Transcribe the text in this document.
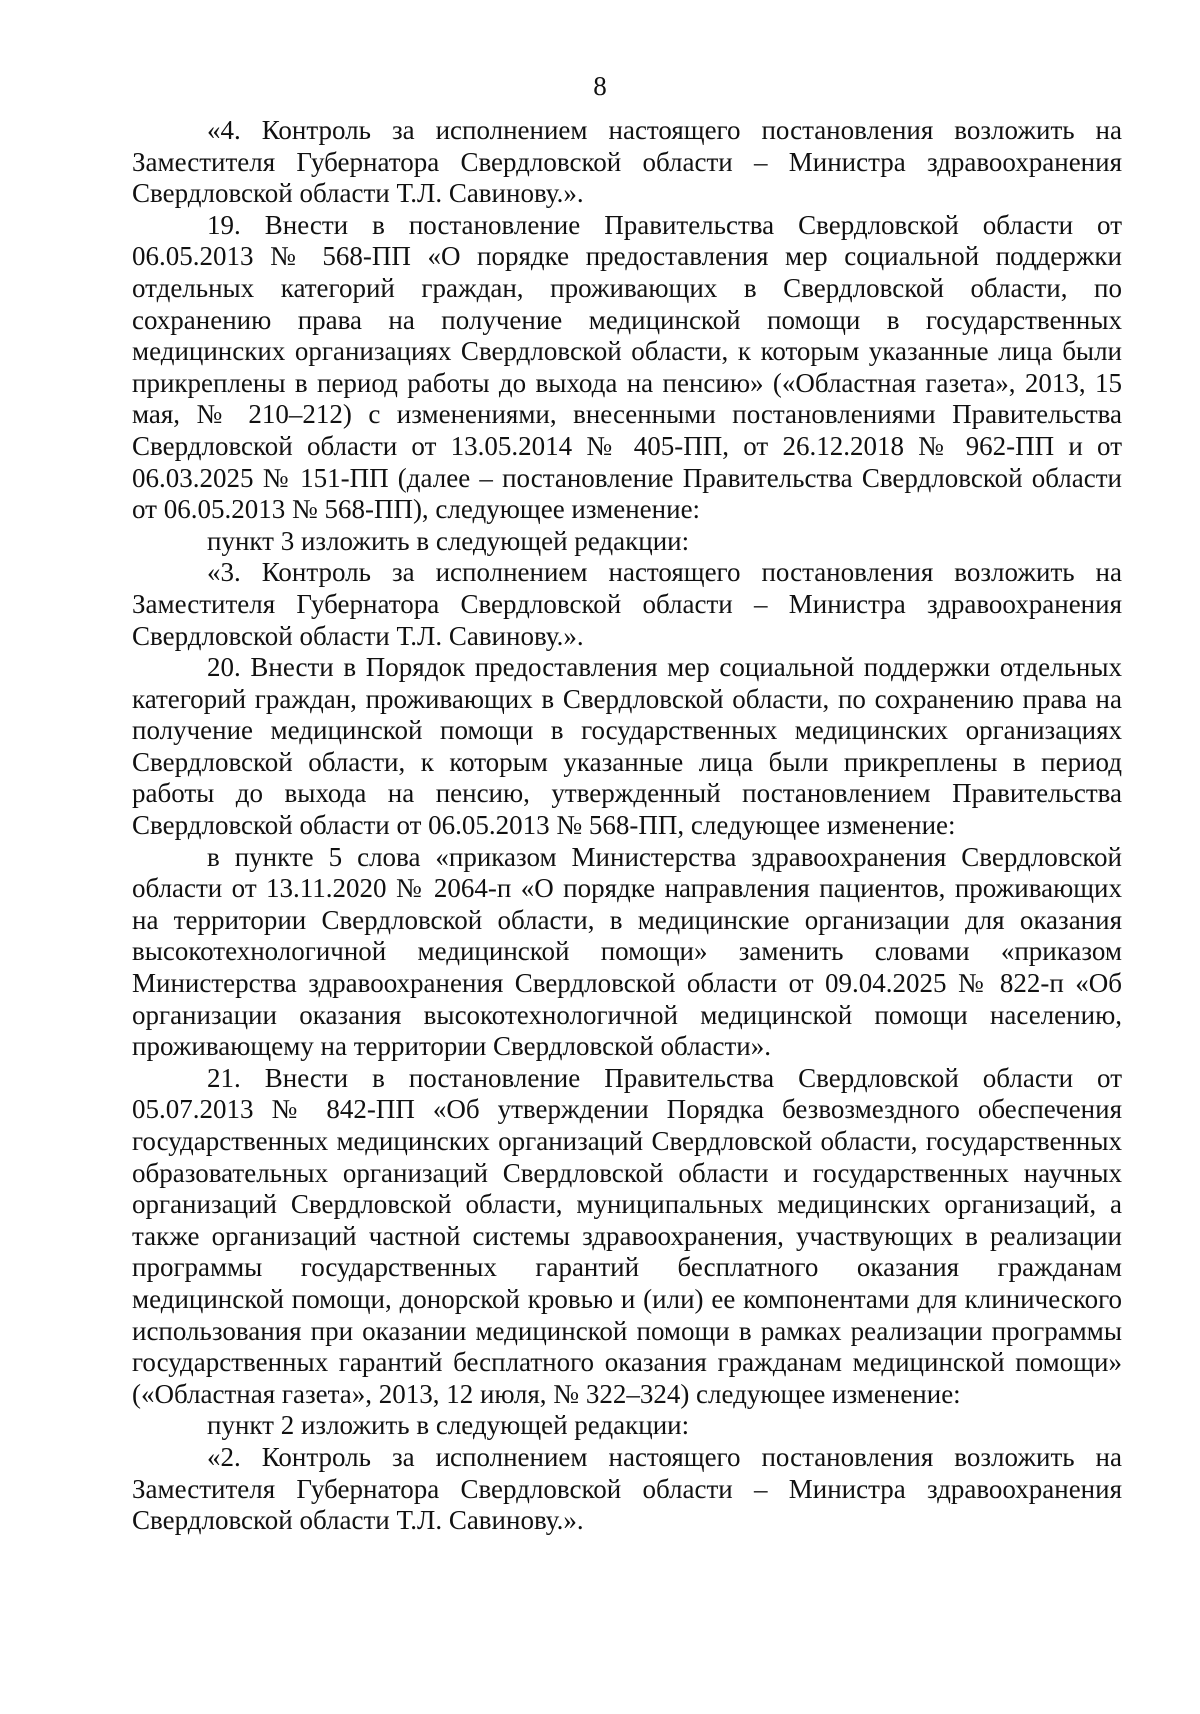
8

«4. Контроль за исполнением настоящего постановления возложить на Заместителя Губернатора Свердловской области – Министра здравоохранения Свердловской области Т.Л. Савинову.».

19. Внести в постановление Правительства Свердловской области от 06.05.2013 № 568-ПП «О порядке предоставления мер социальной поддержки отдельных категорий граждан, проживающих в Свердловской области, по сохранению права на получение медицинской помощи в государственных медицинских организациях Свердловской области, к которым указанные лица были прикреплены в период работы до выхода на пенсию» («Областная газета», 2013, 15 мая, № 210–212) с изменениями, внесенными постановлениями Правительства Свердловской области от 13.05.2014 № 405-ПП, от 26.12.2018 № 962-ПП и от 06.03.2025 № 151-ПП (далее – постановление Правительства Свердловской области от 06.05.2013 № 568-ПП), следующее изменение:

пункт 3 изложить в следующей редакции:

«3. Контроль за исполнением настоящего постановления возложить на Заместителя Губернатора Свердловской области – Министра здравоохранения Свердловской области Т.Л. Савинову.».

20. Внести в Порядок предоставления мер социальной поддержки отдельных категорий граждан, проживающих в Свердловской области, по сохранению права на получение медицинской помощи в государственных медицинских организациях Свердловской области, к которым указанные лица были прикреплены в период работы до выхода на пенсию, утвержденный постановлением Правительства Свердловской области от 06.05.2013 № 568-ПП, следующее изменение:

в пункте 5 слова «приказом Министерства здравоохранения Свердловской области от 13.11.2020 № 2064-п «О порядке направления пациентов, проживающих на территории Свердловской области, в медицинские организации для оказания высокотехнологичной медицинской помощи» заменить словами «приказом Министерства здравоохранения Свердловской области от 09.04.2025 № 822-п «Об организации оказания высокотехнологичной медицинской помощи населению, проживающему на территории Свердловской области».

21. Внести в постановление Правительства Свердловской области от 05.07.2013 № 842-ПП «Об утверждении Порядка безвозмездного обеспечения государственных медицинских организаций Свердловской области, государственных образовательных организаций Свердловской области и государственных научных организаций Свердловской области, муниципальных медицинских организаций, а также организаций частной системы здравоохранения, участвующих в реализации программы государственных гарантий бесплатного оказания гражданам медицинской помощи, донорской кровью и (или) ее компонентами для клинического использования при оказании медицинской помощи в рамках реализации программы государственных гарантий бесплатного оказания гражданам медицинской помощи» («Областная газета», 2013, 12 июля, № 322–324) следующее изменение:

пункт 2 изложить в следующей редакции:

«2. Контроль за исполнением настоящего постановления возложить на Заместителя Губернатора Свердловской области – Министра здравоохранения Свердловской области Т.Л. Савинову.».
